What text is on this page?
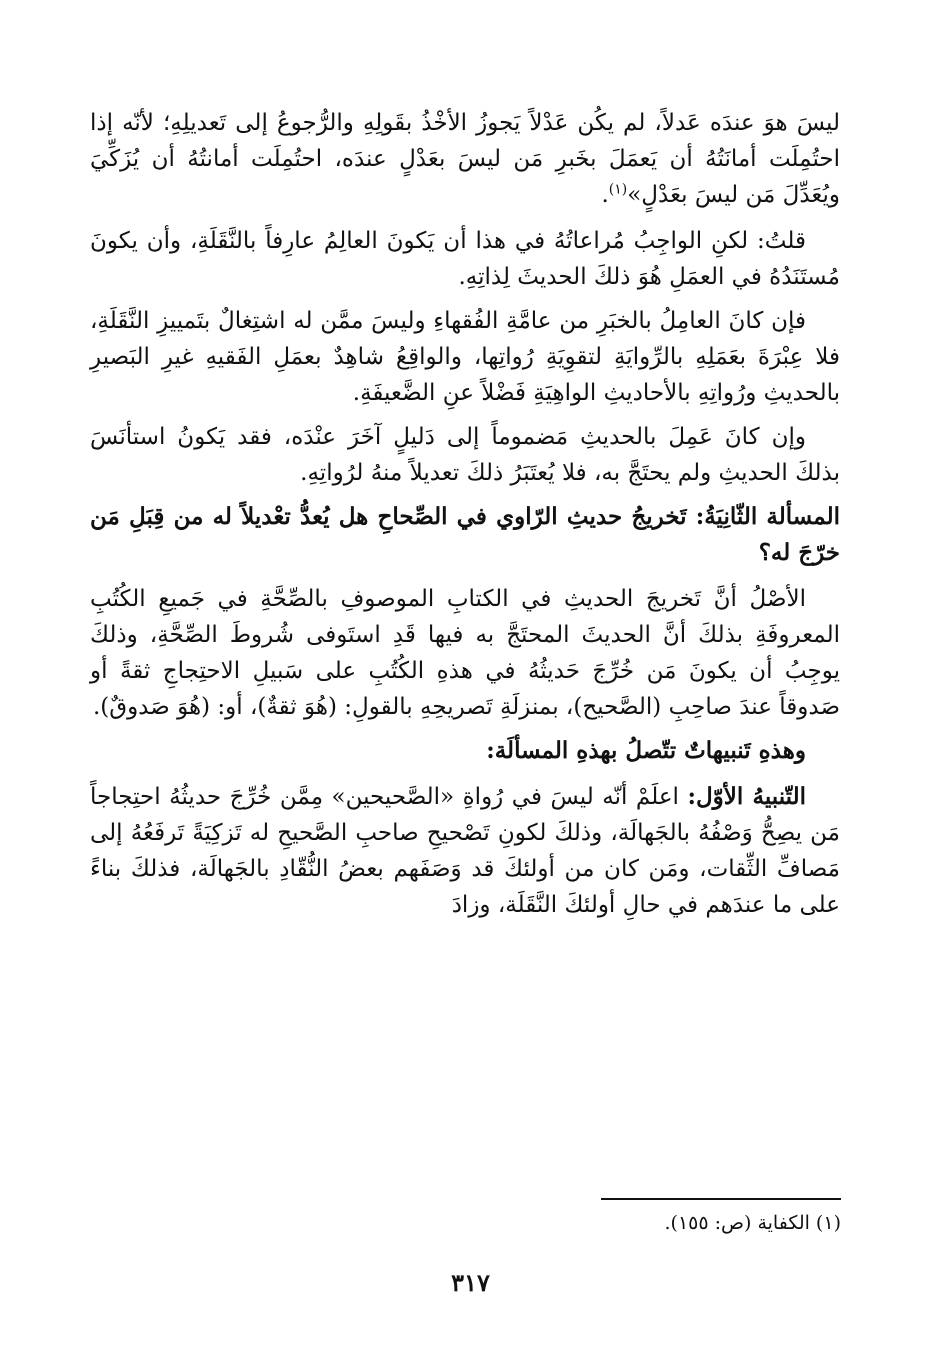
ليسَ هوَ عندَه عَدلاً، لم يكُن عَدْلاً يَجوزُ الأخْذُ بقَولِهِ والرُّجوعُ إلى تَعديلِهِ؛ لأنّه إذا احتُمِلَت أمانَتُهُ أن يَعمَلَ بخَبرِ مَن ليسَ بعَدْلٍ عندَه، احتُمِلَت أمانتُهُ أن يُزَكِّيَ ويُعَدِّلَ مَن ليسَ بعَدْلٍ»$^{(١)}$.

قلتُ: لكنِ الواجِبُ مُراعاتُهُ في هذا أن يَكونَ العالِمُ عارِفاً بالنَّقَلَةِ، وأن يكونَ مُستَنَدُهُ في العمَلِ هُوَ ذلكَ الحديثَ لِذاتِهِ.

فإن كانَ العامِلُ بالخبَرِ من عامَّةِ الفُقهاءِ وليسَ ممَّن له اشتِغالٌ بتَمييزِ النَّقَلَةِ، فلا عِبْرَةَ بعَمَلِهِ بالرِّوايَةِ لتقوِيَةِ رُواتِها، والواقِعُ شاهِدٌ بعمَلِ الفَقيهِ غيرِ البَصيرِ بالحديثِ ورُواتِهِ بالأحاديثِ الواهِيَةِ فَضْلاً عنِ الضَّعيفَةِ.

وإن كانَ عَمِلَ بالحديثِ مَضموماً إلى دَليلٍ آخَرَ عنْدَه، فقد يَكونُ استأنَسَ بذلكَ الحديثِ ولم يحتَجَّ به، فلا يُعتَبَرُ ذلكَ تعديلاً منهُ لرُواتِهِ.

المسألة الثّانِيَةُ: تَخريجُ حديثِ الرّاوي في الصِّحاحِ هل يُعدُّ تعْديلاً له من قِبَلِ مَن خرّجَ له؟

الأصْلُ أنَّ تَخريجَ الحديثِ في الكتابِ الموصوفِ بالصِّحَّةِ في جَميعِ الكُتُبِ المعروفَةِ بذلكَ أنَّ الحديثَ المحتَجَّ به فيها قَدِ استَوفى شُروطَ الصِّحَّةِ، وذلكَ يوجِبُ أن يكونَ مَن خُرِّجَ حَديثُهُ في هذهِ الكُتُبِ على سَبيلِ الاحتِجاجِ ثقةً أو صَدوقاً عندَ صاحِبِ (الصَّحيح)، بمنزلَةِ تَصريحِهِ بالقولِ: (هُوَ ثقةٌ)، أو: (هُوَ صَدوقٌ).

وهذهِ تَنبيهاتٌ تتّصلُ بهذهِ المسألَة:

التّنبيهُ الأوّل: اعلَمْ أنّه ليسَ في رُواةِ «الصَّحيحين» مِمَّن خُرِّجَ حديثُهُ احتِجاجاً مَن يصِحُّ وَصْفُهُ بالجَهالَة، وذلكَ لكونِ تَصْحيحِ صاحبِ الصَّحيحِ له تَزكِيَةً تَرفَعُهُ إلى مَصافِّ الثِّقات، ومَن كان من أولئكَ قد وَصَفَهم بعضُ النُّقّادِ بالجَهالَة، فذلكَ بناءً على ما عندَهم في حالِ أولئكَ النَّقَلَة، وزادَ

(١) الكفاية (ص: ١٥٥).
٣١٧
